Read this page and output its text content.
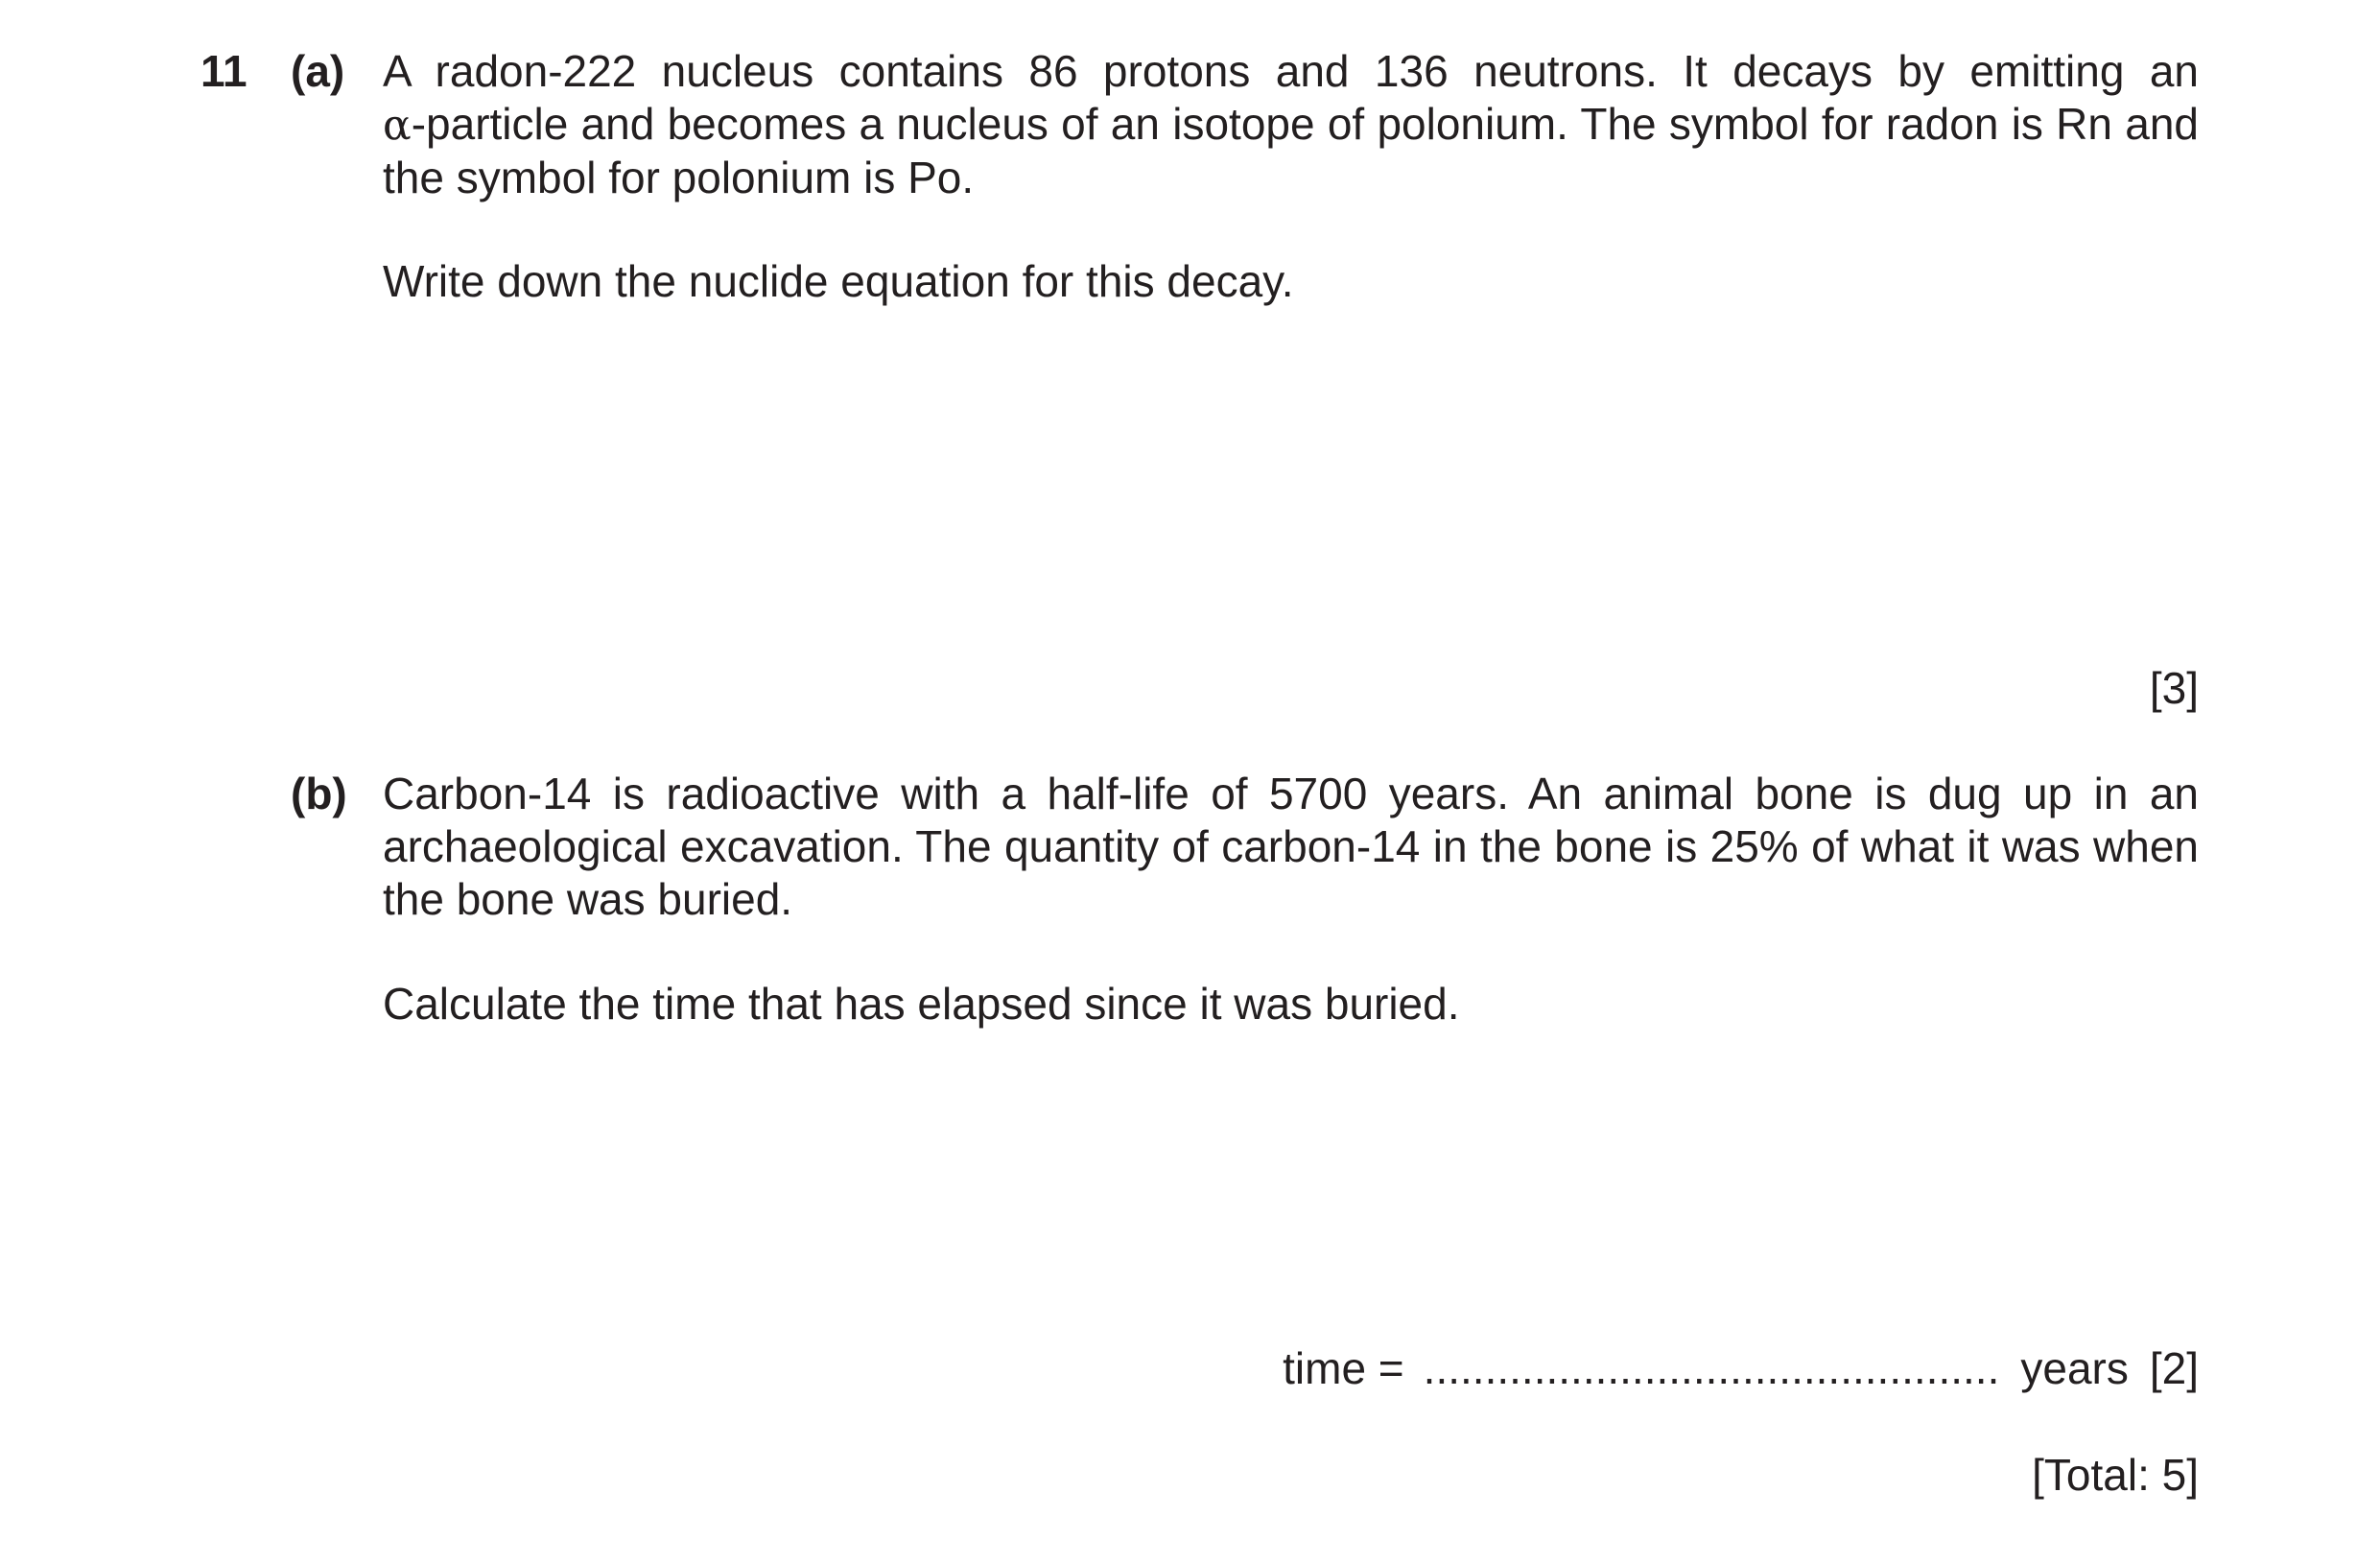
11 (a) A radon-222 nucleus contains 86 protons and 136 neutrons. It decays by emitting an
α-particle and becomes a nucleus of an isotope of polonium. The symbol for radon is Rn and
the symbol for polonium is Po.
Write down the nuclide equation for this decay.
[3]
(b) Carbon-14 is radioactive with a half-life of 5700 years. An animal bone is dug up in an
archaeological excavation. The quantity of carbon-14 in the bone is 25% of what it was when
the bone was buried.
Calculate the time that has elapsed since it was buried.
time = ............................................... years [2]
[Total: 5]
